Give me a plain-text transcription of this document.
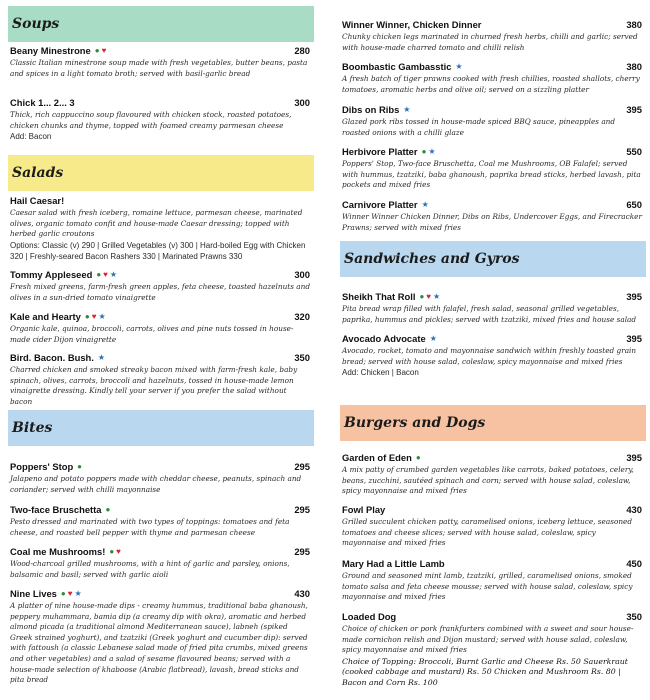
Soups
Beany Minestrone ● ♥	280
Classic Italian minestrone soup made with fresh vegetables, butter beans, pasta and spices in a light tomato broth; served with basil-garlic bread
Chick 1... 2... 3	300
Thick, rich cappuccino soup flavoured with chicken stock, roasted potatoes, chicken chunks and thyme, topped with foamed creamy parmesan cheese
Add: Bacon
Salads
Hail Caesar!
Caesar salad with fresh iceberg, romaine lettuce, parmesan cheese, marinated olives, organic tomato confit and house-made Caesar dressing; topped with herbed garlic croutons
Options: Classic (v) 290 | Grilled Vegetables (v) 300 | Hard-boiled Egg with Chicken 320 | Freshly-seared Bacon Rashers 330 | Marinated Prawns 330
Tommy Appleseed ● ♥ ★	300
Fresh mixed greens, farm-fresh green apples, feta cheese, toasted hazelnuts and olives in a sun-dried tomato vinaigrette
Kale and Hearty ● ♥ ★	320
Organic kale, quinoa, broccoli, carrots, olives and pine nuts tossed in house-made cider Dijon vinaigrette
Bird. Bacon. Bush. ★	350
Charred chicken and smoked streaky bacon mixed with farm-fresh kale, baby spinach, olives, carrots, broccoli and hazelnuts, tossed in house-made lemon vinaigrette dressing. Kindly tell your server if you prefer the salad without bacon
Bites
Poppers' Stop ●	295
Jalapeno and potato poppers made with cheddar cheese, peanuts, spinach and coriander; served with chilli mayonnaise
Two-face Bruschetta ●	295
Pesto dressed and marinated with two types of toppings: tomatoes and feta cheese, and roasted bell pepper with thyme and parmesan cheese
Coal me Mushrooms! ● ♥	295
Wood-charcoal grilled mushrooms, with a hint of garlic and parsley, onions, balsamic and basil; served with garlic aioli
Nine Lives ● ♥ ★	430
A platter of nine house-made dips - creamy hummus, traditional baba ghanoush, peppery muhammara, bamia dip (a creamy dip with okra), aromatic and herbed almond picada (a traditional almond Mediterranean sauce), labneh (spiked Greek strained yoghurt), and tzatziki (Greek yoghurt and cucumber dip): served with fattoush (a classic Lebanese salad made of fried pita crumbs, mixed greens and other vegetables) and a salad of sesame flavoured beans; served with a house-made selection of khaboose (Arabic flatbread), lavash, bread sticks and pita bread
Winner Winner, Chicken Dinner	380
Chunky chicken legs marinated in churned fresh herbs, chilli and garlic; served with house-made charred tomato and chilli relish
Boombastic Gambasstic ★	380
A fresh batch of tiger prawns cooked with fresh chillies, roasted shallots, cherry tomatoes, aromatic herbs and olive oil; served on a sizzling platter
Dibs on Ribs ★	395
Glazed pork ribs tossed in house-made spiced BBQ sauce, pineapples and roasted onions with a chilli glaze
Herbivore Platter ● ★	550
Poppers' Stop, Two-face Bruschetta, Coal me Mushrooms, OB Falafel; served with hummus, tzatziki, baba ghanoush, paprika bread sticks, herbed lavash, pita pockets and mixed fries
Carnivore Platter ★	650
Winner Winner Chicken Dinner, Dibs on Ribs, Undercover Eggs, and Firecracker Prawns; served with mixed fries
Sandwiches and Gyros
Sheikh That Roll ● ♥ ★	395
Pita bread wrap filled with falafel, fresh salad, seasonal grilled vegetables, paprika, hummus and pickles; served with tzatziki, mixed fries and house salad
Avocado Advocate ★	395
Avocado, rocket, tomato and mayonnaise sandwich within freshly toasted grain bread; served with house salad, coleslaw, spicy mayonnaise and mixed fries
Add: Chicken | Bacon
Burgers and Dogs
Garden of Eden ●	395
A mix patty of crumbed garden vegetables like carrots, baked potatoes, celery, beans, zucchini, sautéed spinach and corn; served with house salad, coleslaw, spicy mayonnaise and mixed fries
Fowl Play	430
Grilled succulent chicken patty, caramelised onions, iceberg lettuce, seasoned tomatoes and cheese slices; served with house salad, coleslaw, spicy mayonnaise and mixed fries
Mary Had a Little Lamb	450
Ground and seasoned mint lamb, tzatziki, grilled, caramelised onions, smoked tomato salsa and feta cheese mousse; served with house salad, coleslaw, spicy mayonnaise and mixed fries
Loaded Dog	350
Choice of chicken or pork frankfurters combined with a sweet and sour house-made cornichon relish and Dijon mustard; served with house salad, coleslaw, spicy mayonnaise and mixed fries
Choice of Topping: Broccoli, Burnt Garlic and Cheese Rs. 50 Sauerkraut (cooked cabbage and mustard) Rs. 50 Chicken and Mushroom Rs. 80 | Bacon and Corn Rs. 100
